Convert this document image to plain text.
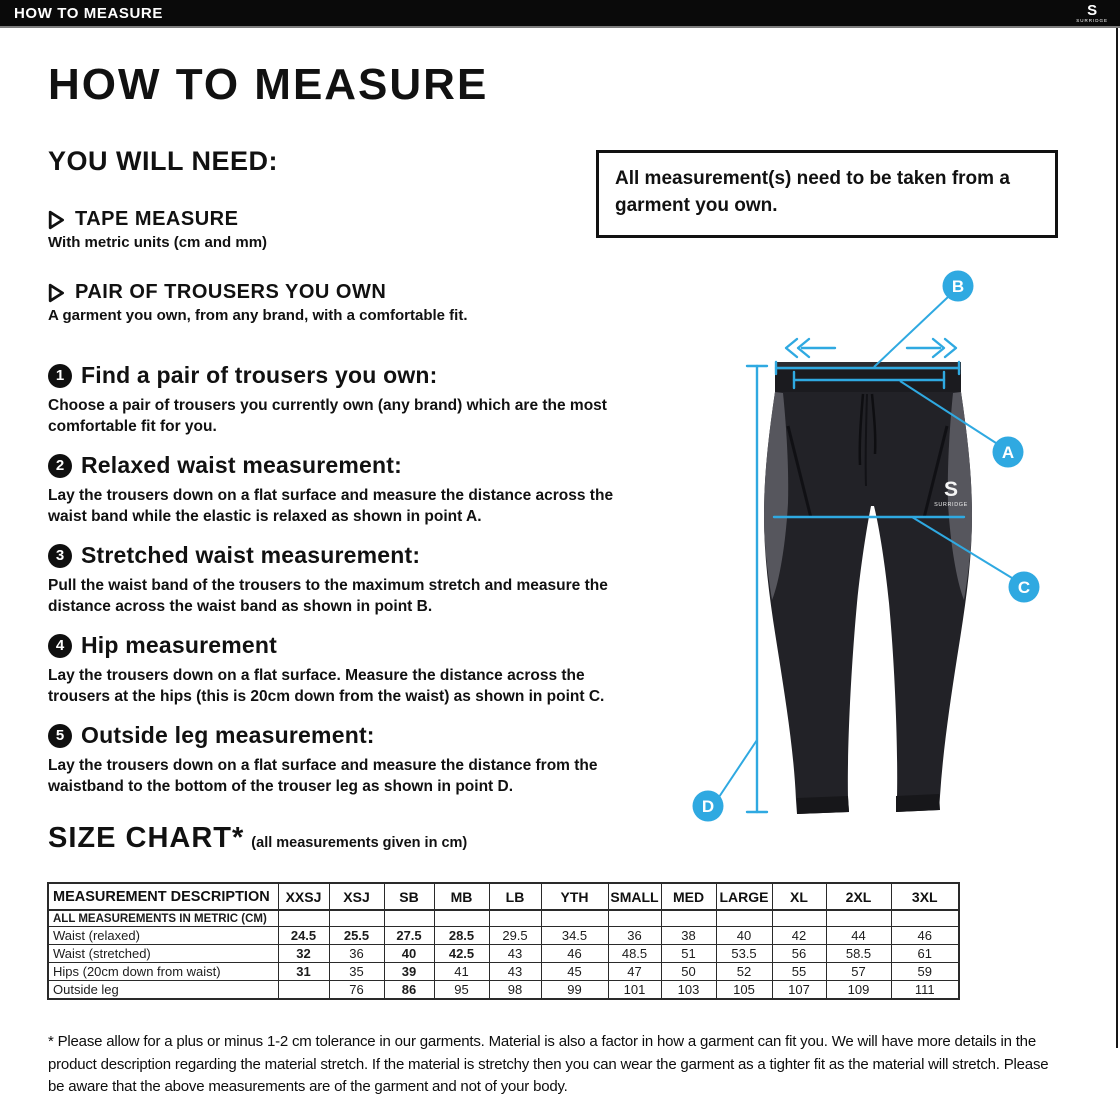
HOW TO MEASURE	S
SURRIDGE
HOW TO MEASURE
YOU WILL NEED:
All measurement(s) need to be taken from a garment you own.
TAPE MEASURE
With metric units (cm and mm)
PAIR OF TROUSERS YOU OWN
A garment you own, from any brand, with a comfortable fit.
1 Find a pair of trousers you own:

Choose a pair of trousers you currently own (any brand) which are the most comfortable fit for you.

2 Relaxed waist measurement:

Lay the trousers down on a flat surface and measure the distance across the waist band while the elastic is relaxed as shown in point A.

3 Stretched waist measurement:

Pull the waist band of the trousers to the maximum stretch and measure the distance across the waist band as shown in point B.

4 Hip measurement

Lay the trousers down on a flat surface. Measure the distance across the trousers at the hips (this is 20cm down from the waist) as shown in point C.

5 Outside leg measurement:

Lay the trousers down on a flat surface and measure the distance from the waistband to the bottom of the trouser leg as shown in point D.

S
SURRIDGE
B
A
C
D
SIZE CHART * (all measurements given in cm)
MEASUREMENT DESCRIPTION	XXSJ	XSJ	SB	MB	LB	YTH	SMALL	MED	LARGE	XL	2XL	3XL
ALL MEASUREMENTS IN METRIC (CM)												
Waist (relaxed)	24.5	25.5	27.5	28.5	29.5	34.5	36	38	40	42	44	46
Waist (stretched)	32	36	40	42.5	43	46	48.5	51	53.5	56	58.5	61
Hips (20cm down from waist)	31	35	39	41	43	45	47	50	52	55	57	59
Outside leg		76	86	95	98	99	101	103	105	107	109	111

* Please allow for a plus or minus 1-2 cm tolerance in our garments. Material is also a factor in how a garment can fit you. We will have more details in the product description regarding the material stretch. If the material is stretchy then you can wear the garment as a tighter fit as the material will stretch. Please be aware that the above measurements are of the garment and not of your body.
